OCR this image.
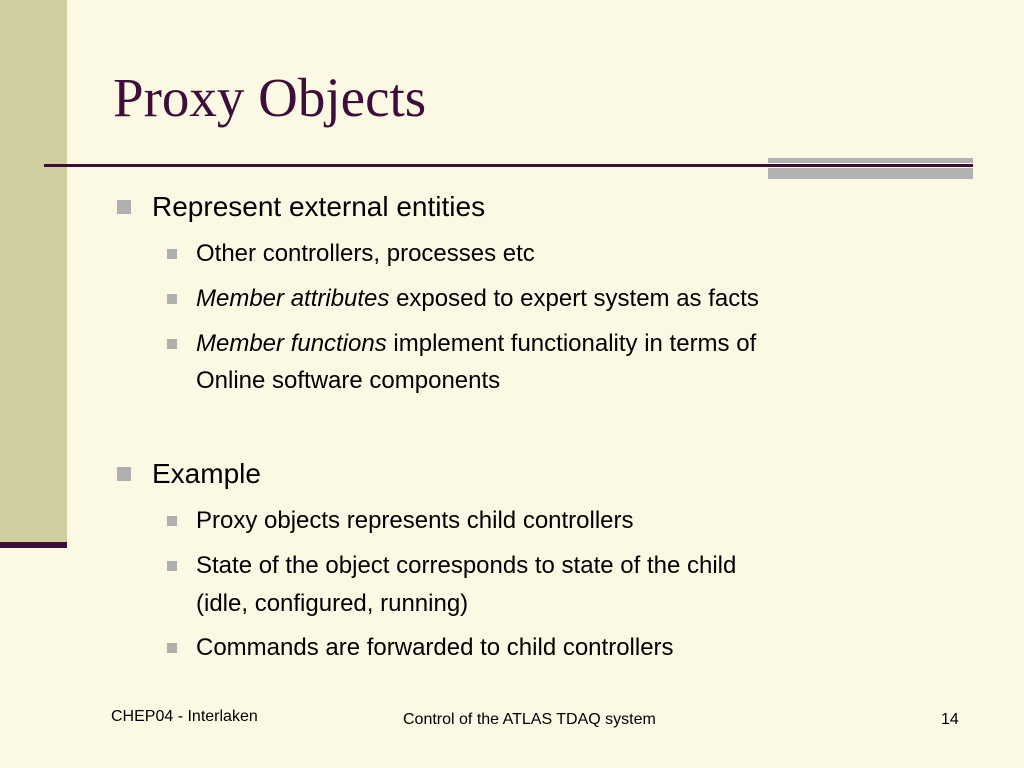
Proxy Objects
Represent external entities
Other controllers, processes etc
Member attributes exposed to expert system as facts
Member functions implement functionality in terms of
Online software components
Example
Proxy objects represents child controllers
State of the object corresponds to state of the child
(idle, configured, running)
Commands are forwarded to child controllers
CHEP04 - Interlaken	Control of the ATLAS TDAQ system	14
